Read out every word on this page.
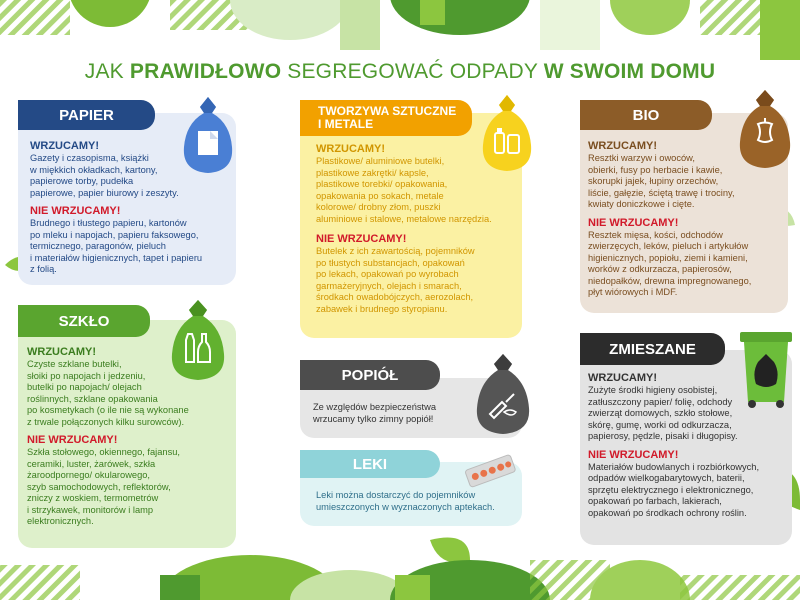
JAK PRAWIDŁOWO SEGREGOWAĆ ODPADY W SWOIM DOMU
PAPIER
WRZUCAMY!
Gazety i czasopisma, książki
w miękkich okładkach, kartony,
papierowe torby, pudełka
papierowe, papier biurowy i zeszyty.
NIE WRZUCAMY!
Brudnego i tłustego papieru, kartonów
po mleku i napojach, papieru faksowego,
termicznego, paragonów, pieluch
i materiałów higienicznych, tapet i papieru
z folią.
TWORZYWA SZTUCZNE
I METALE
WRZUCAMY!
Plastikowe/ aluminiowe butelki,
plastikowe zakrętki/ kapsle,
plastikowe torebki/ opakowania,
opakowania po sokach, metale
kolorowe/ drobny złom, puszki
aluminiowe i stalowe, metalowe narzędzia.
NIE WRZUCAMY!
Butelek z ich zawartością, pojemników
po tłustych substancjach, opakowań
po lekach, opakowań po wyrobach
garmażeryjnych, olejach i smarach,
środkach owadobójczych, aerozolach,
zabawek i brudnego styropianu.
BIO
WRZUCAMY!
Resztki warzyw i owoców,
obierki, fusy po herbacie i kawie,
skorupki jajek, łupiny orzechów,
liście, gałęzie, ściętą trawę i trociny,
kwiaty doniczkowe i cięte.
NIE WRZUCAMY!
Resztek mięsa, kości, odchodów
zwierzęcych, leków, pieluch i artykułów
higienicznych, popiołu, ziemi i kamieni,
worków z odkurzacza, papierosów,
niedopałków, drewna impregnowanego,
płyt wiórowych i MDF.
SZKŁO
WRZUCAMY!
Czyste szklane butelki,
słoiki po napojach i jedzeniu,
butelki po napojach/ olejach
roślinnych, szklane opakowania
po kosmetykach (o ile nie są wykonane
z trwale połączonych kilku surowców).
NIE WRZUCAMY!
Szkła stołowego, okiennego, fajansu,
ceramiki, luster, żarówek, szkła
żaroodpornego/ okularowego,
szyb samochodowych, reflektorów,
zniczy z woskiem, termometrów
i strzykawek, monitorów i lamp
elektronicznych.
POPIÓŁ
Ze względów bezpieczeństwa
wrzucamy tylko zimny popiół!
LEKI
Leki można dostarczyć do pojemników
umieszczonych w wyznaczonych aptekach.
ZMIESZANE
WRZUCAMY!
Zużyte środki higieny osobistej,
zatłuszczony papier/ folię, odchody
zwierząt domowych, szkło stołowe,
skórę, gumę, worki od odkurzacza,
papierosy, pędzle, pisaki i długopisy.
NIE WRZUCAMY!
Materiałów budowlanych i rozbiórkowych,
odpadów wielkogabarytowych, baterii,
sprzętu elektrycznego i elektronicznego,
opakowań po farbach, lakierach,
opakowań po środkach ochrony roślin.
